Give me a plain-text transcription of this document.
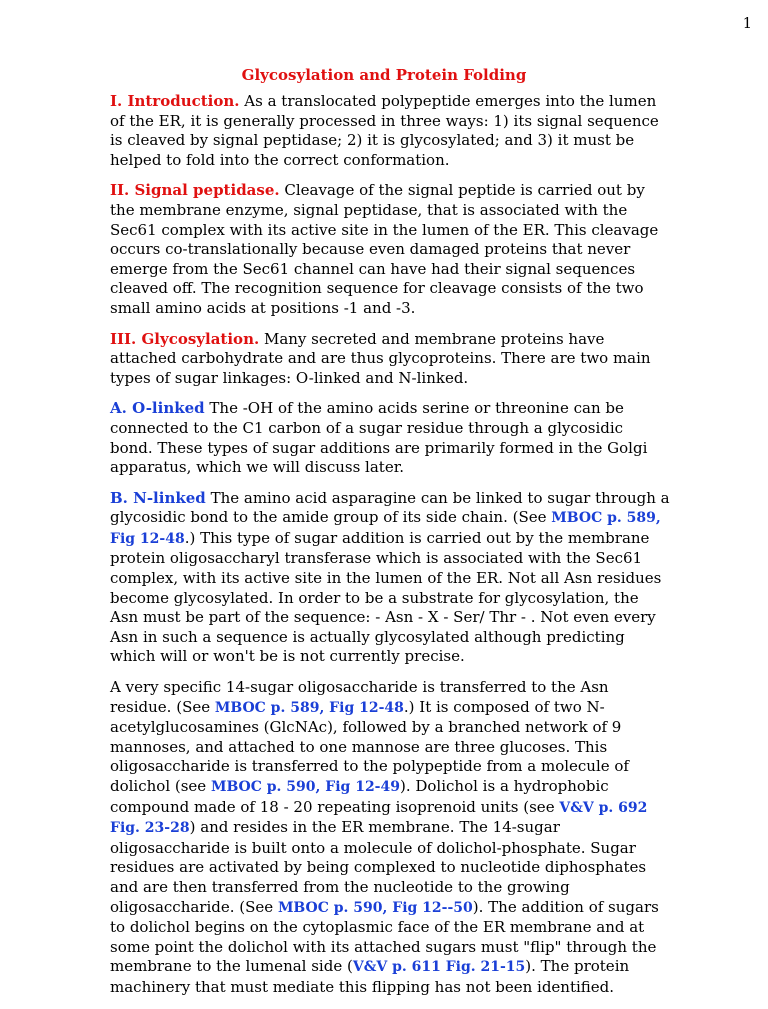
1
Glycosylation and Protein Folding

I. Introduction. As a translocated polypeptide emerges into the lumen of the ER, it is generally processed in three ways: 1) its signal sequence is cleaved by signal peptidase; 2) it is glycosylated; and 3) it must be helped to fold into the correct conformation.

II. Signal peptidase. Cleavage of the signal peptide is carried out by the membrane enzyme, signal peptidase, that is associated with the Sec61 complex with its active site in the lumen of the ER. This cleavage occurs co-translationally because even damaged proteins that never emerge from the Sec61 channel can have had their signal sequences cleaved off. The recognition sequence for cleavage consists of the two small amino acids at positions -1 and -3.

III. Glycosylation. Many secreted and membrane proteins have attached carbohydrate and are thus glycoproteins. There are two main types of sugar linkages: O-linked and N-linked.

A. O-linked The -OH of the amino acids serine or threonine can be connected to the C1 carbon of a sugar residue through a glycosidic bond. These types of sugar additions are primarily formed in the Golgi apparatus, which we will discuss later.

B. N-linked The amino acid asparagine can be linked to sugar through a glycosidic bond to the amide group of its side chain. (See MBOC p. 589, Fig 12-48.) This type of sugar addition is carried out by the membrane protein oligosaccharyl transferase which is associated with the Sec61 complex, with its active site in the lumen of the ER. Not all Asn residues become glycosylated. In order to be a substrate for glycosylation, the Asn must be part of the sequence: - Asn - X - Ser/ Thr - . Not even every Asn in such a sequence is actually glycosylated although predicting which will or won't be is not currently precise.

A very specific 14-sugar oligosaccharide is transferred to the Asn residue. (See MBOC p. 589, Fig 12-48.) It is composed of two N-acetylglucosamines (GlcNAc), followed by a branched network of 9 mannoses, and attached to one mannose are three glucoses. This oligosaccharide is transferred to the polypeptide from a molecule of dolichol (see MBOC p. 590, Fig 12-49). Dolichol is a hydrophobic compound made of 18 - 20 repeating isoprenoid units (see V&V p. 692 Fig. 23-28) and resides in the ER membrane. The 14-sugar oligosaccharide is built onto a molecule of dolichol-phosphate. Sugar residues are activated by being complexed to nucleotide diphosphates and are then transferred from the nucleotide to the growing oligosaccharide. (See MBOC p. 590, Fig 12--50). The addition of sugars to dolichol begins on the cytoplasmic face of the ER membrane and at some point the dolichol with its attached sugars must "flip" through the membrane to the lumenal side (V&V p. 611 Fig. 21-15). The protein machinery that must mediate this flipping has not been identified.
